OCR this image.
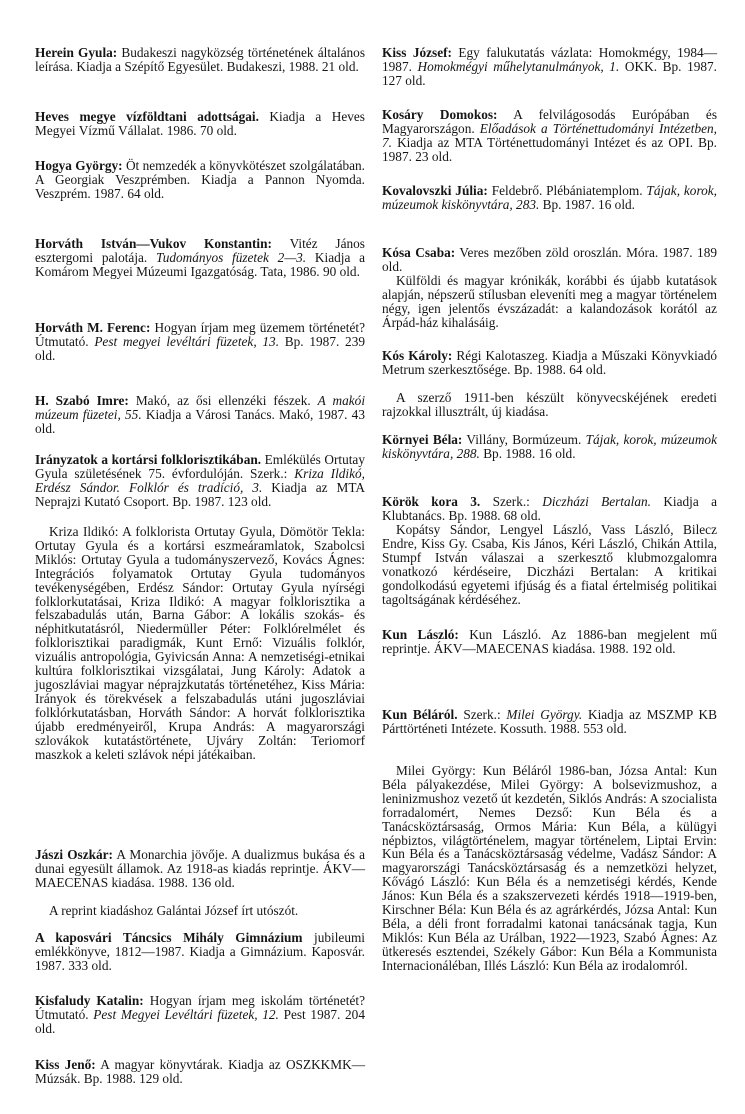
Herein Gyula: Budakeszi nagyközség történetének általános leírása. Kiadja a Szépítő Egyesület. Budakeszi, 1988. 21 old.

Heves megye vízföldtani adottságai. Kiadja a Heves Megyei Vízmű Vállalat. 1986. 70 old.

Hogya György: Öt nemzedék a könyvkötészet szolgálatában. A Georgiak Veszprémben. Kiadja a Pannon Nyomda. Veszprém. 1987. 64 old.

Horváth István—Vukov Konstantin: Vitéz János esztergomi palotája. Tudományos füzetek 2—3. Kiadja a Komárom Megyei Múzeumi Igazgatóság. Tata, 1986. 90 old.

Horváth M. Ferenc: Hogyan írjam meg üzemem történetét? Útmutató. Pest megyei levéltári füzetek, 13. Bp. 1987. 239 old.

H. Szabó Imre: Makó, az ősi ellenzéki fészek. A makói múzeum füzetei, 55. Kiadja a Városi Tanács. Makó, 1987. 43 old.

Irányzatok a kortársi folklorisztikában. Emlékülés Ortutay Gyula születésének 75. évfordulóján. Szerk.: Kriza Ildikó, Erdész Sándor. Folklór és tradíció, 3. Kiadja az MTA Neprajzi Kutató Csoport. Bp. 1987. 123 old.

Kriza Ildikó: A folklorista Ortutay Gyula, Dömötör Tekla: Ortutay Gyula és a kortársi eszmeáramlatok, Szabolcsi Miklós: Ortutay Gyula a tudományszervező, Kovács Ágnes: Integrációs folyamatok Ortutay Gyula tudományos tevékenységében, Erdész Sándor: Ortutay Gyula nyírségi folklorkutatásai, Kriza Ildikó: A magyar folklorisztika a felszabadulás után, Barna Gábor: A lokális szokás- és néphitkutatásról, Niedermüller Péter: Folklórelmélet és folklorisztikai paradigmák, Kunt Ernő: Vizuális folklór, vizuális antropológia, Gyivicsán Anna: A nemzetiségi-etnikai kultúra folklorisztikai vizsgálatai, Jung Károly: Adatok a jugoszláviai magyar néprajzkutatás történetéhez, Kiss Mária: Irányok és törekvések a felszabadulás utáni jugoszláviai folklórkutatásban, Horváth Sándor: A horvát folklorisztika újabb eredményeiről, Krupa András: A magyarországi szlovákok kutatástörténete, Ujváry Zoltán: Teriomorf maszkok a keleti szlávok népi játékaiban.

Jászi Oszkár: A Monarchia jövője. A dualizmus bukása és a dunai egyesült államok. Az 1918-as kiadás reprintje. ÁKV—MAECENAS kiadása. 1988. 136 old.

A reprint kiadáshoz Galántai József írt utószót.

A kaposvári Táncsics Mihály Gimnázium jubileumi emlékkönyve, 1812—1987. Kiadja a Gimnázium. Kaposvár. 1987. 333 old.

Kisfaludy Katalin: Hogyan írjam meg iskolám történetét? Útmutató. Pest Megyei Levéltári füzetek, 12. Pest 1987. 204 old.

Kiss Jenő: A magyar könyvtárak. Kiadja az OSZKKMK—Múzsák. Bp. 1988. 129 old.

Kiss József: Egy falukutatás vázlata: Homokmégy, 1984—1987. Homokmégyi műhelytanulmányok, 1. OKK. Bp. 1987. 127 old.

Kosáry Domokos: A felvilágosodás Európában és Magyarországon. Előadások a Történettudományi Intézetben, 7. Kiadja az MTA Történettudományi Intézet és az OPI. Bp. 1987. 23 old.

Kovalovszki Júlia: Feldebrő. Plébániatemplom. Tájak, korok, múzeumok kiskönyvtára, 283. Bp. 1987. 16 old.

Kósa Csaba: Veres mezőben zöld oroszlán. Móra. 1987. 189 old.

Külföldi és magyar krónikák, korábbi és újabb kutatások alapján, népszerű stílusban eleveníti meg a magyar történelem négy, igen jelentős évszázadát: a kalandozások korától az Árpád-ház kihalásáig.

Kós Károly: Régi Kalotaszeg. Kiadja a Műszaki Könyvkiadó Metrum szerkesztősége. Bp. 1988. 64 old.

A szerző 1911-ben készült könyvecskéjének eredeti rajzokkal illusztrált, új kiadása.

Környei Béla: Villány, Bormúzeum. Tájak, korok, múzeumok kiskönyvtára, 288. Bp. 1988. 16 old.

Körök kora 3. Szerk.: Diczházi Bertalan. Kiadja a Klubtanács. Bp. 1988. 68 old.

Kopátsy Sándor, Lengyel László, Vass László, Bilecz Endre, Kiss Gy. Csaba, Kis János, Kéri László, Chikán Attila, Stumpf István válaszai a szerkesztő klubmozgalomra vonatkozó kérdéseire, Diczházi Bertalan: A kritikai gondolkodású egyetemi ifjúság és a fiatal értelmiség politikai tagoltságának kérdéséhez.

Kun László: Kun László. Az 1886-ban megjelent mű reprintje. ÁKV—MAECENAS kiadása. 1988. 192 old.

Kun Béláról. Szerk.: Milei György. Kiadja az MSZMP KB Párttörténeti Intézete. Kossuth. 1988. 553 old.

Milei György: Kun Béláról 1986-ban, Józsa Antal: Kun Béla pályakezdése, Milei György: A bolsevizmushoz, a leninizmushoz vezető út kezdetén, Siklós András: A szocialista forradalomért, Nemes Dezső: Kun Béla és a Tanácsköztársaság, Ormos Mária: Kun Béla, a külügyi népbiztos, világtörténelem, magyar történelem, Liptai Ervin: Kun Béla és a Tanácsköztársaság védelme, Vadász Sándor: A magyarországi Tanácsköztársaság és a nemzetközi helyzet, Kővágó László: Kun Béla és a nemzetiségi kérdés, Kende János: Kun Béla és a szakszervezeti kérdés 1918—1919-ben, Kirschner Béla: Kun Béla és az agrárkérdés, Józsa Antal: Kun Béla, a déli front forradalmi katonai tanácsának tagja, Kun Miklós: Kun Béla az Urálban, 1922—1923, Szabó Ágnes: Az ütkeresés esztendei, Székely Gábor: Kun Béla a Kommunista Internacionáléban, Illés László: Kun Béla az irodalomról.
